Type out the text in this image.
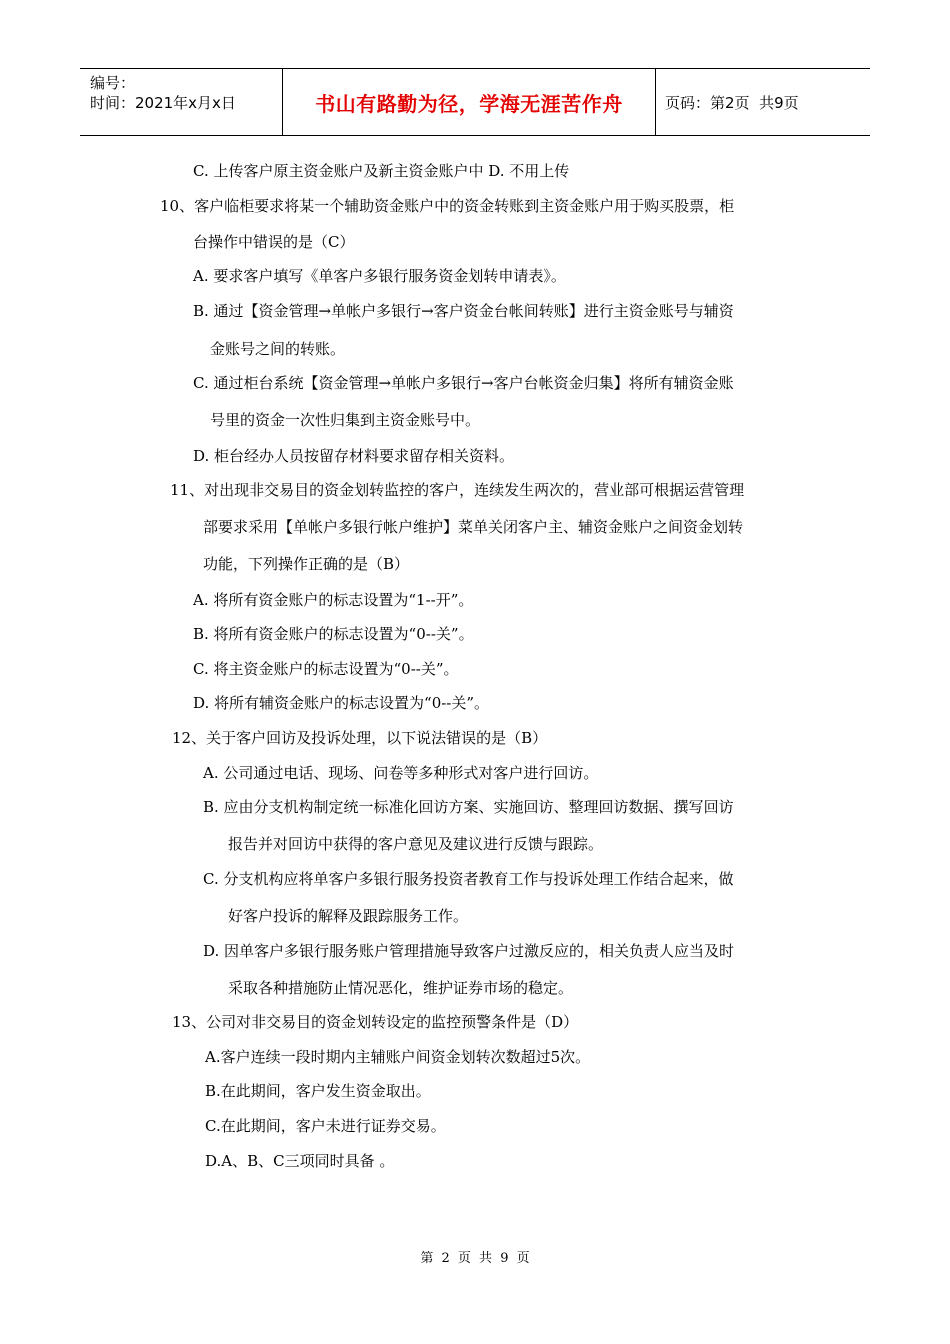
编号：
时间：2021年x月x日	书山有路勤为径，学海无涯苦作舟	页码：第2页  共9页
C. 上传客户原主资金账户及新主资金账户中 D. 不用上传
10、客户临柜要求将某一个辅助资金账户中的资金转账到主资金账户用于购买股票，柜
台操作中错误的是（C）
A. 要求客户填写《单客户多银行服务资金划转申请表》。
B. 通过【资金管理→单帐户多银行→客户资金台帐间转账】进行主资金账号与辅资
金账号之间的转账。
C. 通过柜台系统【资金管理→单帐户多银行→客户台帐资金归集】将所有辅资金账
号里的资金一次性归集到主资金账号中。
D. 柜台经办人员按留存材料要求留存相关资料。
11、对出现非交易目的资金划转监控的客户，连续发生两次的，营业部可根据运营管理
部要求采用【单帐户多银行帐户维护】菜单关闭客户主、辅资金账户之间资金划转
功能，下列操作正确的是（B）
A. 将所有资金账户的标志设置为“1--开”。
B. 将所有资金账户的标志设置为“0--关”。
C. 将主资金账户的标志设置为“0--关”。
D. 将所有辅资金账户的标志设置为“0--关”。
12、关于客户回访及投诉处理，以下说法错误的是（B）
A. 公司通过电话、现场、问卷等多种形式对客户进行回访。
B. 应由分支机构制定统一标准化回访方案、实施回访、整理回访数据、撰写回访
报告并对回访中获得的客户意见及建议进行反馈与跟踪。
C. 分支机构应将单客户多银行服务投资者教育工作与投诉处理工作结合起来，做
好客户投诉的解释及跟踪服务工作。
D. 因单客户多银行服务账户管理措施导致客户过激反应的，相关负责人应当及时
采取各种措施防止情况恶化，维护证券市场的稳定。
13、公司对非交易目的资金划转设定的监控预警条件是（D）
A.客户连续一段时期内主辅账户间资金划转次数超过5次。
B.在此期间，客户发生资金取出。
C.在此期间，客户未进行证券交易。
D.A、B、C三项同时具备 。
第 2 页 共 9 页
